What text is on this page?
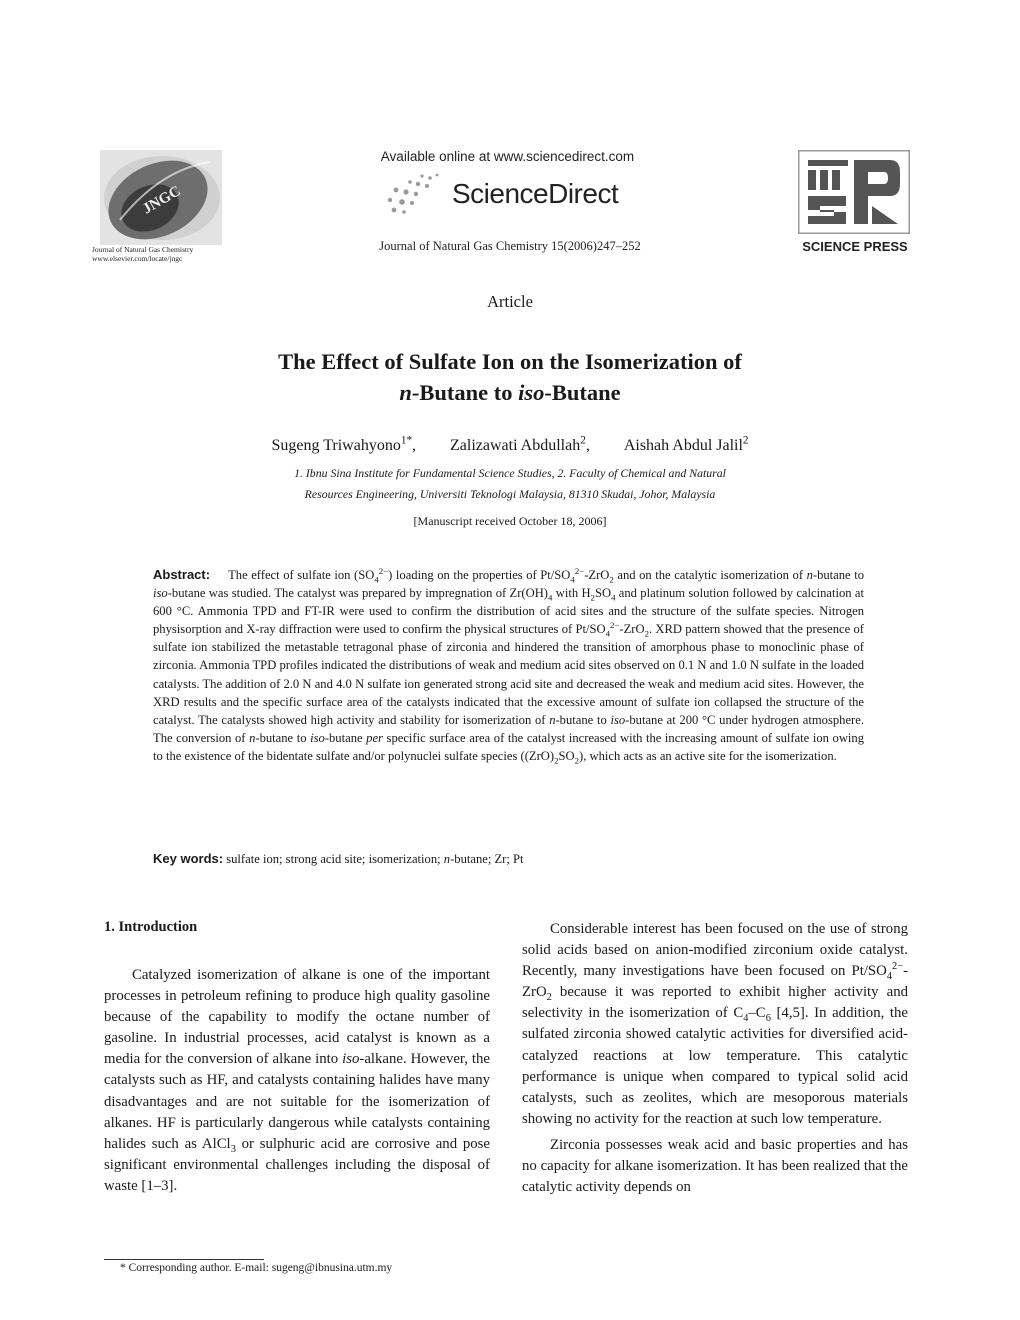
JNGC
Journal of Natural Gas Chemistry
www.elsevier.com/locate/jngc
Available online at www.sciencedirect.com
ScienceDirect
Journal of Natural Gas Chemistry 15(2006)247–252	SCIENCE PRESS
Article
The Effect of Sulfate Ion on the Isomerization of
n-Butane to iso-Butane
Sugeng Triwahyono$^{1*}$, Zalizawati Abdullah$^2$, Aishah Abdul Jalil$^2$
1. Ibnu Sina Institute for Fundamental Science Studies, 2. Faculty of Chemical and Natural
Resources Engineering, Universiti Teknologi Malaysia, 81310 Skudai, Johor, Malaysia
[Manuscript received October 18, 2006]
Abstract: The effect of sulfate ion $(SO_4^{2-})$ loading on the properties of $Pt/SO_4^{2-}-ZrO_2$ and on the catalytic isomerization of n-butane to iso-butane was studied. The catalyst was prepared by impregnation of $Zr(OH)_4$ with $H_2SO_4$ and platinum solution followed by calcination at 600 °C. Ammonia TPD and FT-IR were used to confirm the distribution of acid sites and the structure of the sulfate species. Nitrogen physisorption and X-ray diffraction were used to confirm the physical structures of $Pt/SO_4^{2-}-ZrO_2$. XRD pattern showed that the presence of sulfate ion stabilized the metastable tetragonal phase of zirconia and hindered the transition of amorphous phase to monoclinic phase of zirconia. Ammonia TPD profiles indicated the distributions of weak and medium acid sites observed on 0.1 N and 1.0 N sulfate in the loaded catalysts. The addition of 2.0 N and 4.0 N sulfate ion generated strong acid site and decreased the weak and medium acid sites. However, the XRD results and the specific surface area of the catalysts indicated that the excessive amount of sulfate ion collapsed the structure of the catalyst. The catalysts showed high activity and stability for isomerization of n-butane to iso-butane at 200 °C under hydrogen atmosphere. The conversion of n-butane to iso-butane per specific surface area of the catalyst increased with the increasing amount of sulfate ion owing to the existence of the bidentate sulfate and/or polynuclei sulfate species $((ZrO)_2SO_2)$, which acts as an active site for the isomerization.
Key words: sulfate ion; strong acid site; isomerization; n-butane; Zr; Pt
1. Introduction

Catalyzed isomerization of alkane is one of the important processes in petroleum refining to produce high quality gasoline because of the capability to modify the octane number of gasoline. In industrial processes, acid catalyst is known as a media for the conversion of alkane into iso-alkane. However, the catalysts such as HF, and catalysts containing halides have many disadvantages and are not suitable for the isomerization of alkanes. HF is particularly dangerous while catalysts containing halides such as AlCl$_3$ or sulphuric acid are corrosive and pose significant environmental challenges including the disposal of waste [1–3].

Considerable interest has been focused on the use of strong solid acids based on anion-modified zirconium oxide catalyst. Recently, many investigations have been focused on $Pt/SO_4^{2-}-ZrO_2$ because it was reported to exhibit higher activity and selectivity in the isomerization of $C_4-C_6$ [4,5]. In addition, the sulfated zirconia showed catalytic activities for diversified acid-catalyzed reactions at low temperature. This catalytic performance is unique when compared to typical solid acid catalysts, such as zeolites, which are mesoporous materials showing no activity for the reaction at such low temperature.

Zirconia possesses weak acid and basic properties and has no capacity for alkane isomerization. It has been realized that the catalytic activity depends on

* Corresponding author. E-mail: sugeng@ibnusina.utm.my
